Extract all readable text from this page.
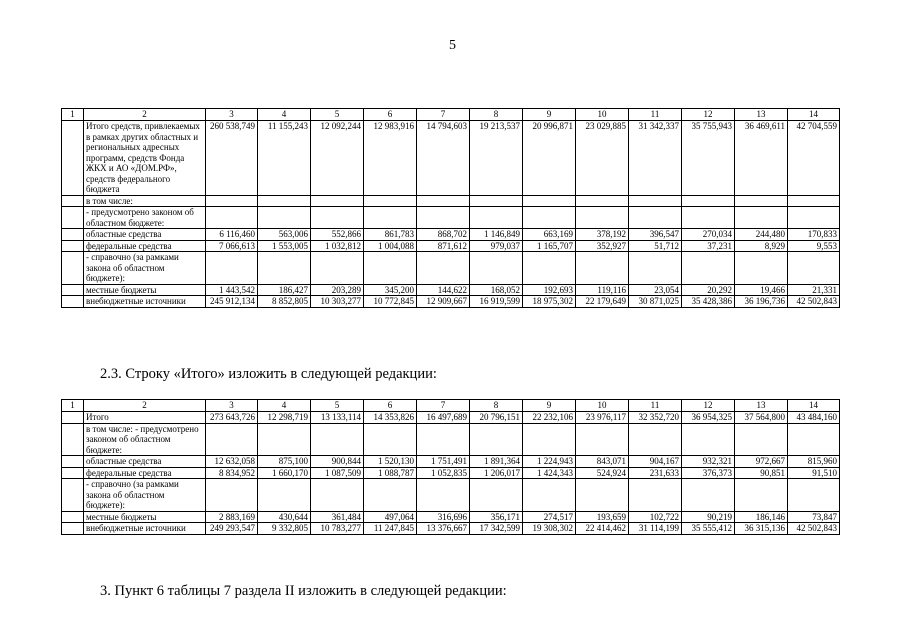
5
1	2	3	4	5	6	7	8	9	10	11	12	13	14
	Итого средств, привлекаемых в рамках других областных и региональных адресных программ, средств Фонда ЖКХ и АО «ДОМ.РФ», средств федерального бюджета	260 538,749	11 155,243	12 092,244	12 983,916	14 794,603	19 213,537	20 996,871	23 029,885	31 342,337	35 755,943	36 469,611	42 704,559
	в том числе:												
	- предусмотрено законом об областном бюджете:												
	областные средства	6 116,460	563,006	552,866	861,783	868,702	1 146,849	663,169	378,192	396,547	270,034	244,480	170,833
	федеральные средства	7 066,613	1 553,005	1 032,812	1 004,088	871,612	979,037	1 165,707	352,927	51,712	37,231	8,929	9,553
	- справочно (за рамками закона об областном бюджете):												
	местные бюджеты	1 443,542	186,427	203,289	345,200	144,622	168,052	192,693	119,116	23,054	20,292	19,466	21,331
	внебюджетные источники	245 912,134	8 852,805	10 303,277	10 772,845	12 909,667	16 919,599	18 975,302	22 179,649	30 871,025	35 428,386	36 196,736	42 502,843
2.3. Строку «Итого» изложить в следующей редакции:
1	2	3	4	5	6	7	8	9	10	11	12	13	14
	Итого	273 643,726	12 298,719	13 133,114	14 353,826	16 497,689	20 796,151	22 232,106	23 976,117	32 352,720	36 954,325	37 564,800	43 484,160
	в том числе: - предусмотрено законом об областном бюджете:												
	областные средства	12 632,058	875,100	900,844	1 520,130	1 751,491	1 891,364	1 224,943	843,071	904,167	932,321	972,667	815,960
	федеральные средства	8 834,952	1 660,170	1 087,509	1 088,787	1 052,835	1 206,017	1 424,343	524,924	231,633	376,373	90,851	91,510
	- справочно (за рамками закона об областном бюджете):												
	местные бюджеты	2 883,169	430,644	361,484	497,064	316,696	356,171	274,517	193,659	102,722	90,219	186,146	73,847
	внебюджетные источники	249 293,547	9 332,805	10 783,277	11 247,845	13 376,667	17 342,599	19 308,302	22 414,462	31 114,199	35 555,412	36 315,136	42 502,843
3. Пункт 6 таблицы 7 раздела II изложить в следующей редакции:
